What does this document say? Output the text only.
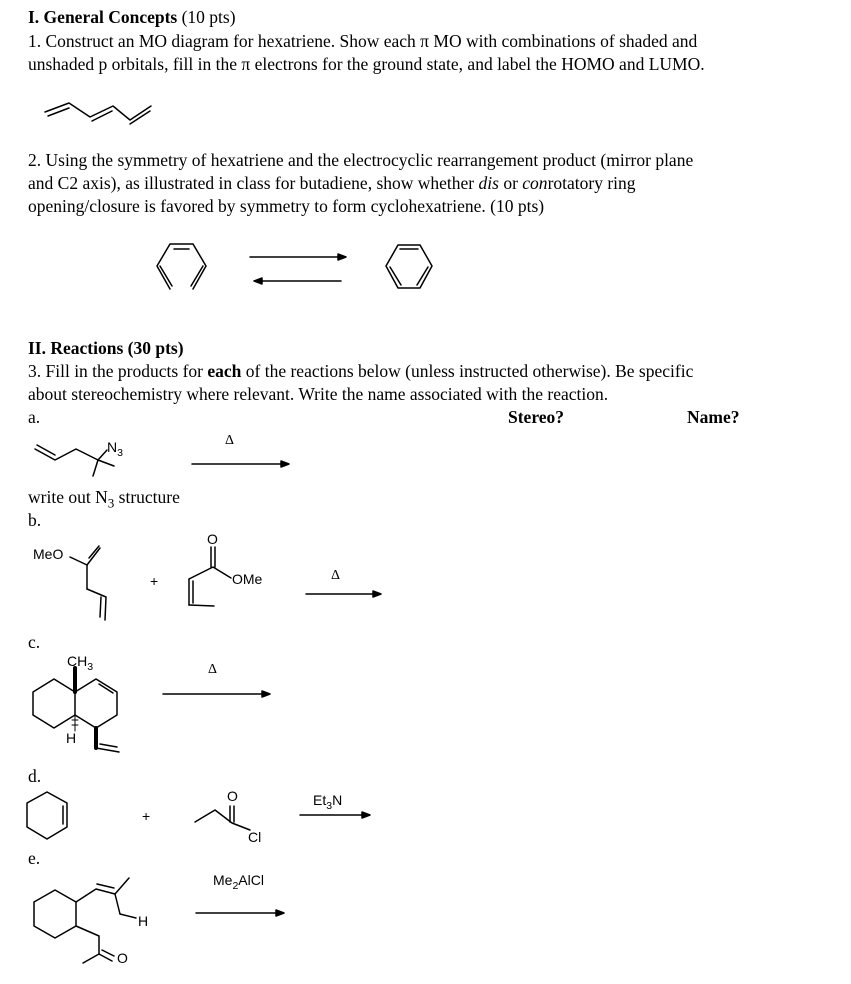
I. General Concepts (10 pts)
1. Construct an MO diagram for hexatriene. Show each π MO with combinations of shaded and
unshaded p orbitals, fill in the π electrons for the ground state, and label the HOMO and LUMO.
2. Using the symmetry of hexatriene and the electrocyclic rearrangement product (mirror plane
and C2 axis), as illustrated in class for butadiene, show whether dis or conrotatory ring
opening/closure is favored by symmetry to form cyclohexatriene. (10 pts)
II. Reactions (30 pts)
3. Fill in the products for each of the reactions below (unless instructed otherwise). Be specific
about stereochemistry where relevant. Write the name associated with the reaction.
a.	Stereo?	Name?
write out $N_3$ structure
b.
c.
d.
e.
$N_3$
Δ
MeO
+
O
OMe	Δ
$CH_3$
H
Δ
+
O
Cl
$Et_3N$
$Me_2AlCl$
H
O
